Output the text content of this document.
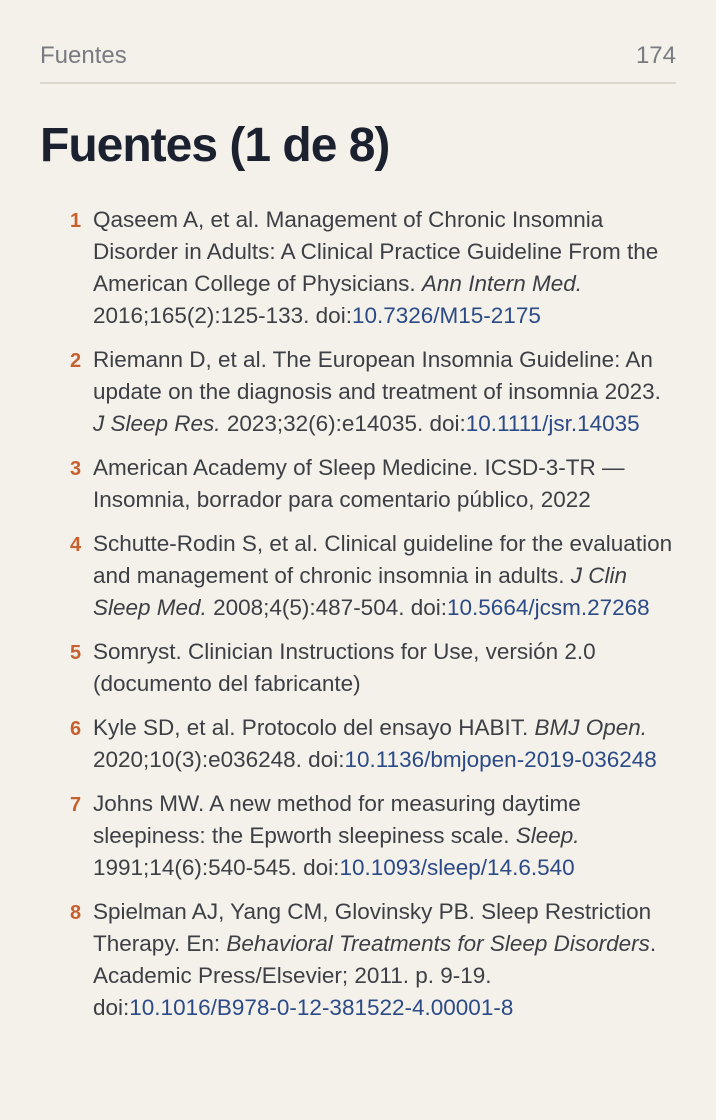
Fuentes	174
Fuentes (1 de 8)
1 Qaseem A, et al. Management of Chronic Insomnia Disorder in Adults: A Clinical Practice Guideline From the American College of Physicians. Ann Intern Med. 2016;165(2):125-133. doi:10.7326/M15-2175
2 Riemann D, et al. The European Insomnia Guideline: An update on the diagnosis and treatment of insomnia 2023. J Sleep Res. 2023;32(6):e14035. doi:10.1111/jsr.14035
3 American Academy of Sleep Medicine. ICSD-3-TR — Insomnia, borrador para comentario público, 2022
4 Schutte-Rodin S, et al. Clinical guideline for the evaluation and management of chronic insomnia in adults. J Clin Sleep Med. 2008;4(5):487-504. doi:10.5664/jcsm.27268
5 Somryst. Clinician Instructions for Use, versión 2.0 (documento del fabricante)
6 Kyle SD, et al. Protocolo del ensayo HABIT. BMJ Open. 2020;10(3):e036248. doi:10.1136/bmjopen-2019-036248
7 Johns MW. A new method for measuring daytime sleepiness: the Epworth sleepiness scale. Sleep. 1991;14(6):540-545. doi:10.1093/sleep/14.6.540
8 Spielman AJ, Yang CM, Glovinsky PB. Sleep Restriction Therapy. En: Behavioral Treatments for Sleep Disorders. Academic Press/Elsevier; 2011. p. 9-19. doi:10.1016/B978-0-12-381522-4.00001-8
